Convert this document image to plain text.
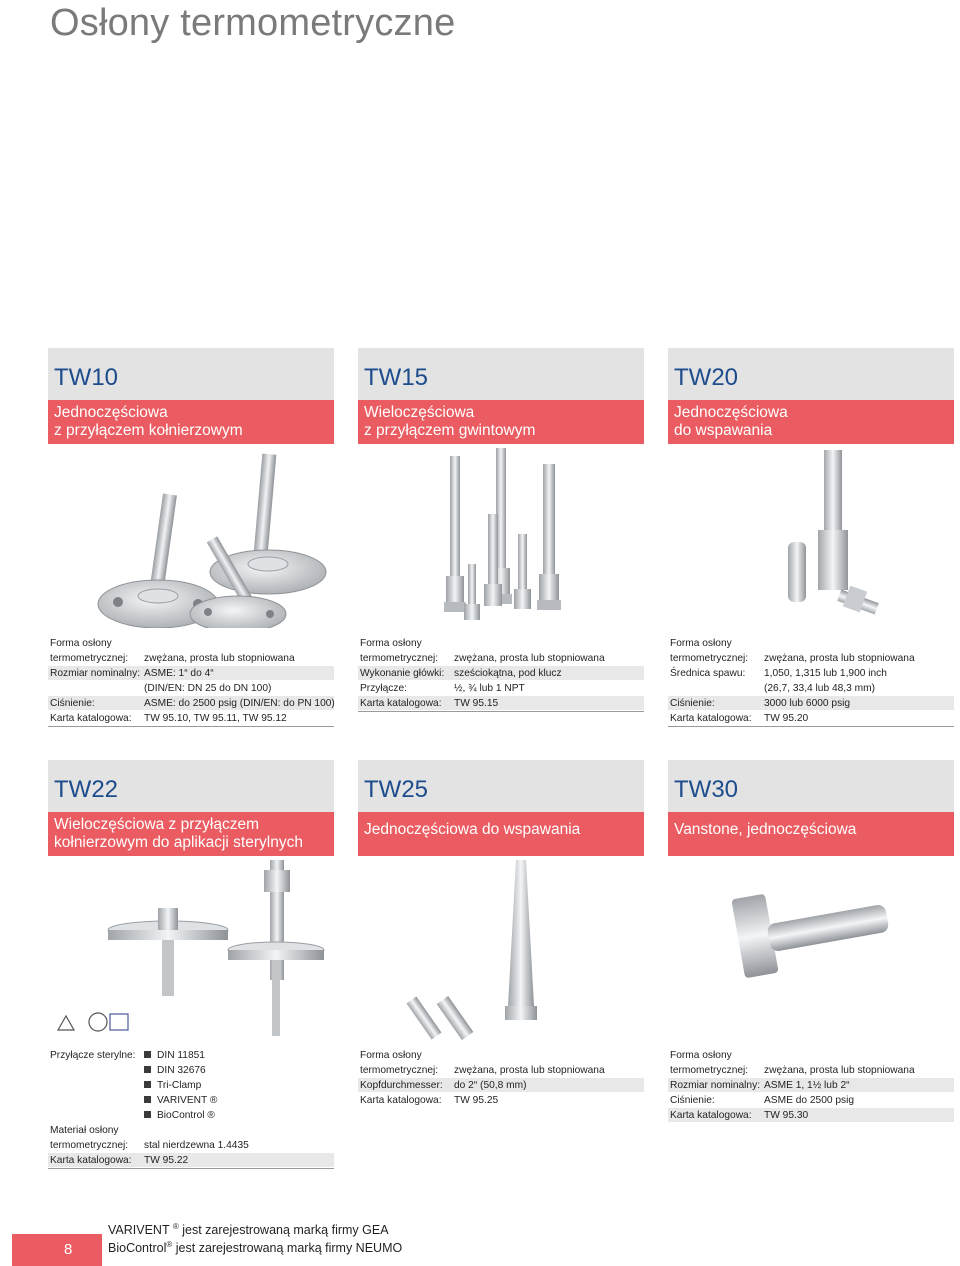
Osłony termometryczne
TW10
Jednoczęściowa
z przyłączem kołnierzowym
Forma osłony
termometrycznej: zwężana, prosta lub stopniowana
Rozmiar nominalny: ASME: 1“ do 4“
(DIN/EN: DN 25 do DN 100)
Ciśnienie:	ASME: do 2500 psig (DIN/EN: do PN 100)
Karta katalogowa: TW 95.10, TW 95.11, TW 95.12
TW15
Wieloczęściowa
z przyłączem gwintowym
Forma osłony
termometrycznej: zwężana, prosta lub stopniowana
Wykonanie główki: sześciokątna, pod klucz
Przyłącze:	½, ¾ lub 1 NPT
Karta katalogowa: TW 95.15
TW20
Jednoczęściowa
do wspawania
Forma osłony
termometrycznej: zwężana, prosta lub stopniowana
Średnica spawu: 1,050, 1,315 lub 1,900 inch
(26,7, 33,4 lub 48,3 mm)
Ciśnienie:	3000 lub 6000 psig
Karta katalogowa: TW 95.20
TW22
Wieloczęściowa z przyłączem
kołnierzowym do aplikacji sterylnych
Przyłącze sterylne:	DIN 11851
DIN 32676
Tri-Clamp
VARIVENT ®
BioControl ®
Materiał osłony
termometrycznej: stal nierdzewna 1.4435
Karta katalogowa: TW 95.22
TW25
Jednoczęściowa do wspawania
Forma osłony
termometrycznej: zwężana, prosta lub stopniowana
Kopfdurchmesser: do 2“ (50,8 mm)
Karta katalogowa: TW 95.25
TW30
Vanstone, jednoczęściowa
Forma osłony
termometrycznej: zwężana, prosta lub stopniowana
Rozmiar nominalny: ASME 1, 1½ lub 2“
Ciśnienie:	ASME do 2500 psig
Karta katalogowa: TW 95.30
8
VARIVENT ® jest zarejestrowaną marką firmy GEA
BioControl® jest zarejestrowaną marką firmy NEUMO
